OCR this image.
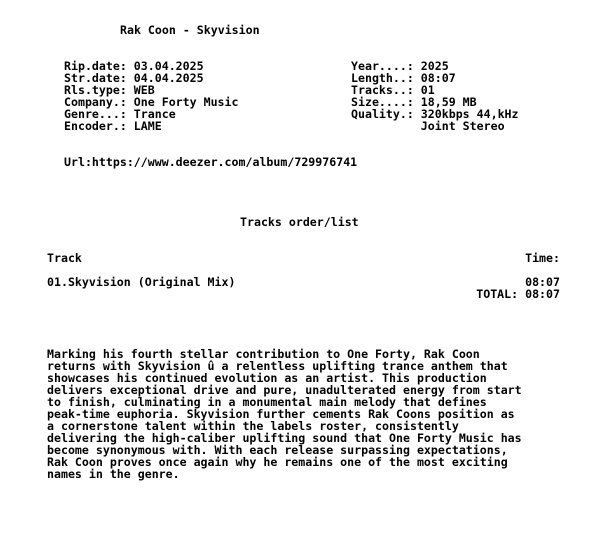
Rak Coon - Skyvision
Rip.date: 03.04.2025
Str.date: 04.04.2025
Rls.type: WEB
Company.: One Forty Music
Genre...: Trance
Encoder.: LAME
Year....: 2025
Length..: 08:07
Tracks..: 01
Size....: 18,59 MB
Quality.: 320kbps 44,kHz
Joint Stereo
Url:https://www.deezer.com/album/729976741
Tracks order/list
Track	Time:
01.Skyvision (Original Mix)	08:07
TOTAL: 08:07
Marking his fourth stellar contribution to One Forty, Rak Coon
returns with Skyvision û a relentless uplifting trance anthem that
showcases his continued evolution as an artist. This production
delivers exceptional drive and pure, unadulterated energy from start
to finish, culminating in a monumental main melody that defines
peak-time euphoria. Skyvision further cements Rak Coons position as
a cornerstone talent within the labels roster, consistently
delivering the high-caliber uplifting sound that One Forty Music has
become synonymous with. With each release surpassing expectations,
Rak Coon proves once again why he remains one of the most exciting
names in the genre.
